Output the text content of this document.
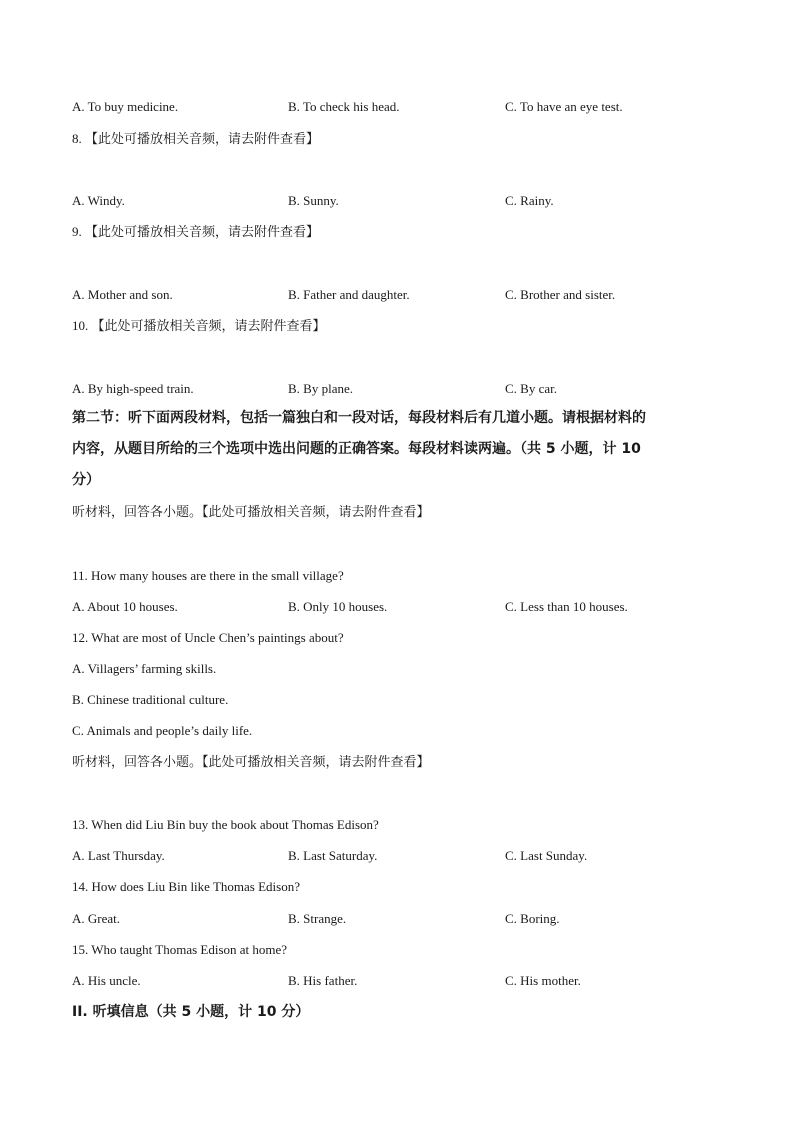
A. To buy medicine.	B. To check his head.	C. To have an eye test.
8. 【此处可播放相关音频，请去附件查看】
A. Windy.	B. Sunny.	C. Rainy.
9. 【此处可播放相关音频，请去附件查看】
A. Mother and son.	B. Father and daughter.	C. Brother and sister.
10. 【此处可播放相关音频，请去附件查看】
A. By high-speed train.	B. By plane.	C. By car.
第二节：听下面两段材料，包括一篇独白和一段对话，每段材料后有几道小题。请根据材料的
内容，从题目所给的三个选项中选出问题的正确答案。每段材料读两遍。（共 5 小题，计 10
分）
听材料，回答各小题。【此处可播放相关音频，请去附件查看】
11. How many houses are there in the small village?
A. About 10 houses.	B. Only 10 houses.	C. Less than 10 houses.
12. What are most of Uncle Chen’s paintings about?
A. Villagers’ farming skills.
B. Chinese traditional culture.
C. Animals and people’s daily life.
听材料，回答各小题。【此处可播放相关音频，请去附件查看】
13. When did Liu Bin buy the book about Thomas Edison?
A. Last Thursday.	B. Last Saturday.	C. Last Sunday.
14. How does Liu Bin like Thomas Edison?
A. Great.	B. Strange.	C. Boring.
15. Who taught Thomas Edison at home?
A. His uncle.	B. His father.	C. His mother.
II. 听填信息（共 5 小题，计 10 分）
